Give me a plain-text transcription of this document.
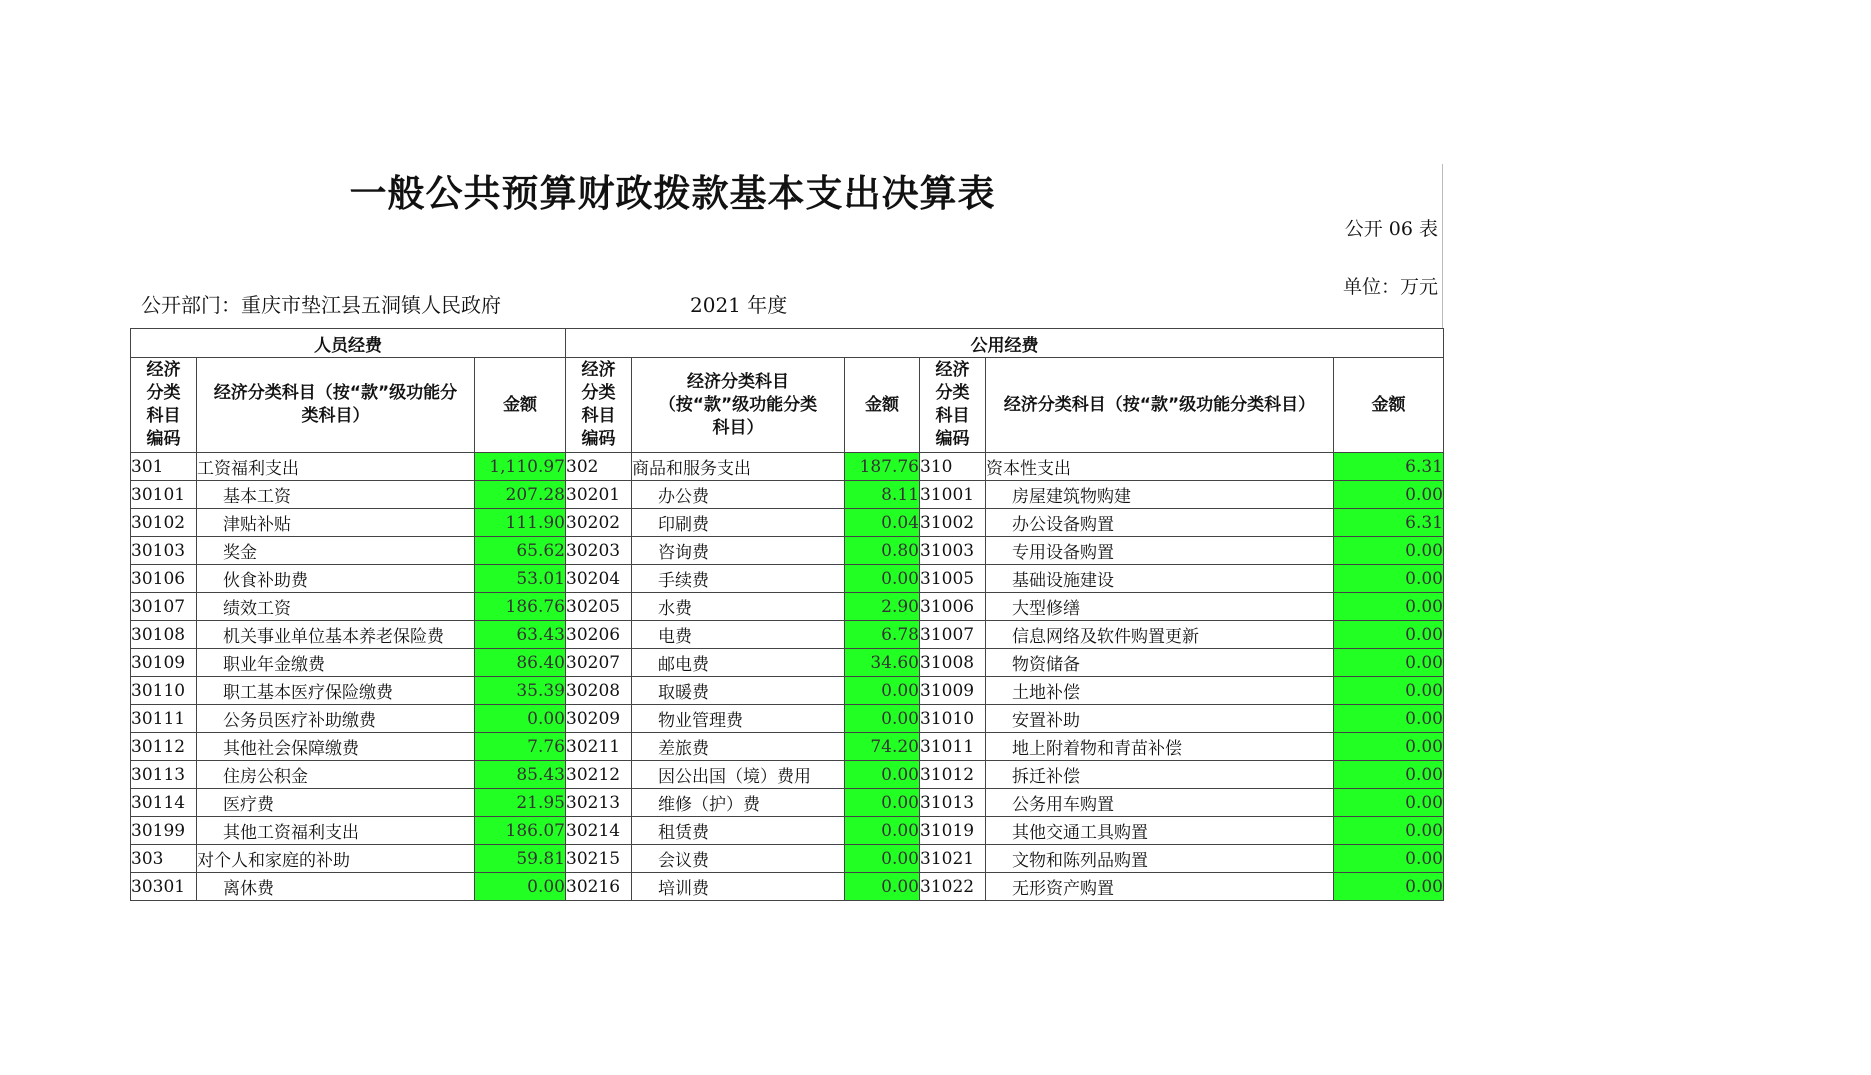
一般公共预算财政拨款基本支出决算表
公开 06 表
单位：万元
公开部门：重庆市垫江县五洞镇人民政府	2021 年度
人员经费			公用经费					
经济分类科目编码	经济分类科目（按“款”级功能分类科目）	金额	经济分类科目编码	经济分类科目（按“款”级功能分类科目）	金额	经济分类科目编码	经济分类科目（按“款”级功能分类科目）	金额
301	工资福利支出	1,110.97	302	商品和服务支出	187.76	310	资本性支出	6.31
30101	基本工资	207.28	30201	办公费	8.11	31001	房屋建筑物购建	0.00
30102	津贴补贴	111.90	30202	印刷费	0.04	31002	办公设备购置	6.31
30103	奖金	65.62	30203	咨询费	0.80	31003	专用设备购置	0.00
30106	伙食补助费	53.01	30204	手续费	0.00	31005	基础设施建设	0.00
30107	绩效工资	186.76	30205	水费	2.90	31006	大型修缮	0.00
30108	机关事业单位基本养老保险费	63.43	30206	电费	6.78	31007	信息网络及软件购置更新	0.00
30109	职业年金缴费	86.40	30207	邮电费	34.60	31008	物资储备	0.00
30110	职工基本医疗保险缴费	35.39	30208	取暖费	0.00	31009	土地补偿	0.00
30111	公务员医疗补助缴费	0.00	30209	物业管理费	0.00	31010	安置补助	0.00
30112	其他社会保障缴费	7.76	30211	差旅费	74.20	31011	地上附着物和青苗补偿	0.00
30113	住房公积金	85.43	30212	因公出国（境）费用	0.00	31012	拆迁补偿	0.00
30114	医疗费	21.95	30213	维修（护）费	0.00	31013	公务用车购置	0.00
30199	其他工资福利支出	186.07	30214	租赁费	0.00	31019	其他交通工具购置	0.00
303	对个人和家庭的补助	59.81	30215	会议费	0.00	31021	文物和陈列品购置	0.00
30301	离休费	0.00	30216	培训费	0.00	31022	无形资产购置	0.00
